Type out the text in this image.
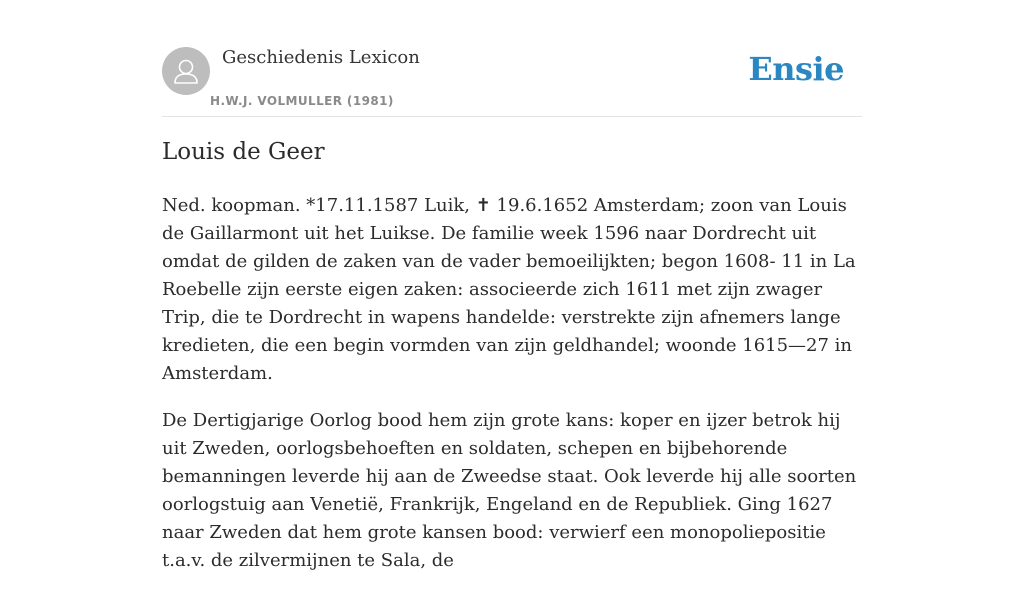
Geschiedenis Lexicon
H.W.J. VOLMULLER (1981)
Ensie
Louis de Geer

Ned. koopman. *17.11.1587 Luik, ✝ 19.6.1652 Amsterdam; zoon van Louis de Gaillarmont uit het Luikse. De familie week 1596 naar Dordrecht uit omdat de gilden de zaken van de vader bemoeilijkten; begon 1608- 11 in La Roebelle zijn eerste eigen zaken: associeerde zich 1611 met zijn zwager Trip, die te Dordrecht in wapens handelde: verstrekte zijn afnemers lange kredieten, die een begin vormden van zijn geldhandel; woonde 1615—27 in Amsterdam.

De Dertigjarige Oorlog bood hem zijn grote kans: koper en ijzer betrok hij uit Zweden, oorlogsbehoeften en soldaten, schepen en bijbehorende bemanningen leverde hij aan de Zweedse staat. Ook leverde hij alle soorten oorlogstuig aan Venetië, Frankrijk, Engeland en de Republiek. Ging 1627 naar Zweden dat hem grote kansen bood: verwierf een monopoliepositie t.a.v. de zilvermijnen te Sala, de
